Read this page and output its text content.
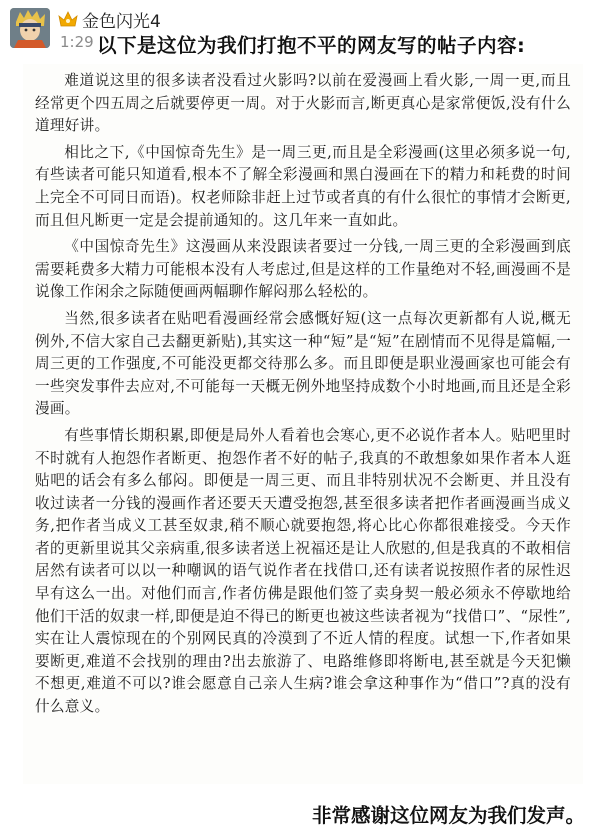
金色闪光4
1:29 以下是这位为我们打抱不平的网友写的帖子内容:

难道说这里的很多读者没看过火影吗?以前在爱漫画上看火影,一周一更,而且经常更个四五周之后就要停更一周。对于火影而言,断更真心是家常便饭,没有什么道理好讲。

相比之下,《中国惊奇先生》是一周三更,而且是全彩漫画(这里必须多说一句,有些读者可能只知道看,根本不了解全彩漫画和黑白漫画在下的精力和耗费的时间上完全不可同日而语)。权老师除非赶上过节或者真的有什么很忙的事情才会断更,而且但凡断更一定是会提前通知的。这几年来一直如此。

《中国惊奇先生》这漫画从来没跟读者要过一分钱,一周三更的全彩漫画到底需要耗费多大精力可能根本没有人考虑过,但是这样的工作量绝对不轻,画漫画不是说像工作闲余之际随便画两幅聊作解闷那么轻松的。

当然,很多读者在贴吧看漫画经常会感慨好短(这一点每次更新都有人说,概无例外,不信大家自己去翻更新贴),其实这一种“短”是“短”在剧情而不见得是篇幅,一周三更的工作强度,不可能没更都交待那么多。而且即便是职业漫画家也可能会有一些突发事件去应对,不可能每一天概无例外地坚持成数个小时地画,而且还是全彩漫画。

有些事情长期积累,即便是局外人看着也会寒心,更不必说作者本人。贴吧里时不时就有人抱怨作者断更、抱怨作者不好的帖子,我真的不敢想象如果作者本人逛贴吧的话会有多么郁闷。即便是一周三更、而且非特别状况不会断更、并且没有收过读者一分钱的漫画作者还要天天遭受抱怨,甚至很多读者把作者画漫画当成义务,把作者当成义工甚至奴隶,稍不顺心就要抱怨,将心比心你都很难接受。今天作者的更新里说其父亲病重,很多读者送上祝福还是让人欣慰的,但是我真的不敢相信居然有读者可以以一种嘲讽的语气说作者在找借口,还有读者说按照作者的尿性迟早有这么一出。对他们而言,作者仿佛是跟他们签了卖身契一般必须永不停歇地给他们干活的奴隶一样,即便是迫不得已的断更也被这些读者视为“找借口”、“尿性”,实在让人震惊现在的个别网民真的冷漠到了不近人情的程度。试想一下,作者如果要断更,难道不会找别的理由?出去旅游了、电路维修即将断电,甚至就是今天犯懒不想更,难道不可以?谁会愿意自己亲人生病?谁会拿这种事作为“借口”?真的没有什么意义。

非常感谢这位网友为我们发声。
